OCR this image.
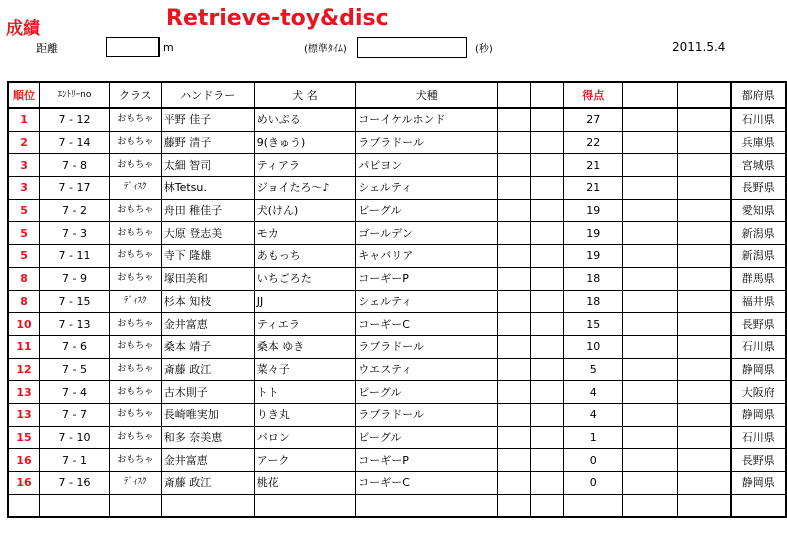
成績	Retrieve-toy&disc
距離	m	(標準ﾀｲﾑ)	(秒)	2011.5.4
順位	ｴﾝﾄﾘｰno	クラス	ハンドラー	犬 名	犬種			得点			都府県
1	7 - 12	おもちゃ	平野 佳子	めいぷる	コーイケルホンド			27			石川県
2	7 - 14	おもちゃ	藤野 清子	9(きゅう)	ラブラドール			22			兵庫県
3	7 - 8	おもちゃ	太細 智司	ティアラ	パピヨン			21			宮城県
3	7 - 17	ﾃﾞｨｽｸ	林Tetsu.	ジョイたろ～♪	シェルティ			21			長野県
5	7 - 2	おもちゃ	舟田 稚佳子	犬(けん)	ビーグル			19			愛知県
5	7 - 3	おもちゃ	大原 登志美	モカ	ゴールデン			19			新潟県
5	7 - 11	おもちゃ	寺下 隆雄	あもっち	キャバリア			19			新潟県
8	7 - 9	おもちゃ	塚田美和	いちごろた	コーギーP			18			群馬県
8	7 - 15	ﾃﾞｨｽｸ	杉本 知枝	JJ	シェルティ			18			福井県
10	7 - 13	おもちゃ	金井富恵	ティエラ	コーギーC			15			長野県
11	7 - 6	おもちゃ	桑本 靖子	桑本 ゆき	ラブラドール			10			石川県
12	7 - 5	おもちゃ	斎藤 政江	菜々子	ウエスティ			5			静岡県
13	7 - 4	おもちゃ	古木則子	トト	ビーグル			4			大阪府
13	7 - 7	おもちゃ	長崎唯実加	りき丸	ラブラドール			4			静岡県
15	7 - 10	おもちゃ	和多 奈美恵	バロン	ビーグル			1			石川県
16	7 - 1	おもちゃ	金井富恵	アーク	コーギーP			0			長野県
16	7 - 16	ﾃﾞｨｽｸ	斎藤 政江	桃花	コーギーC			0			静岡県
